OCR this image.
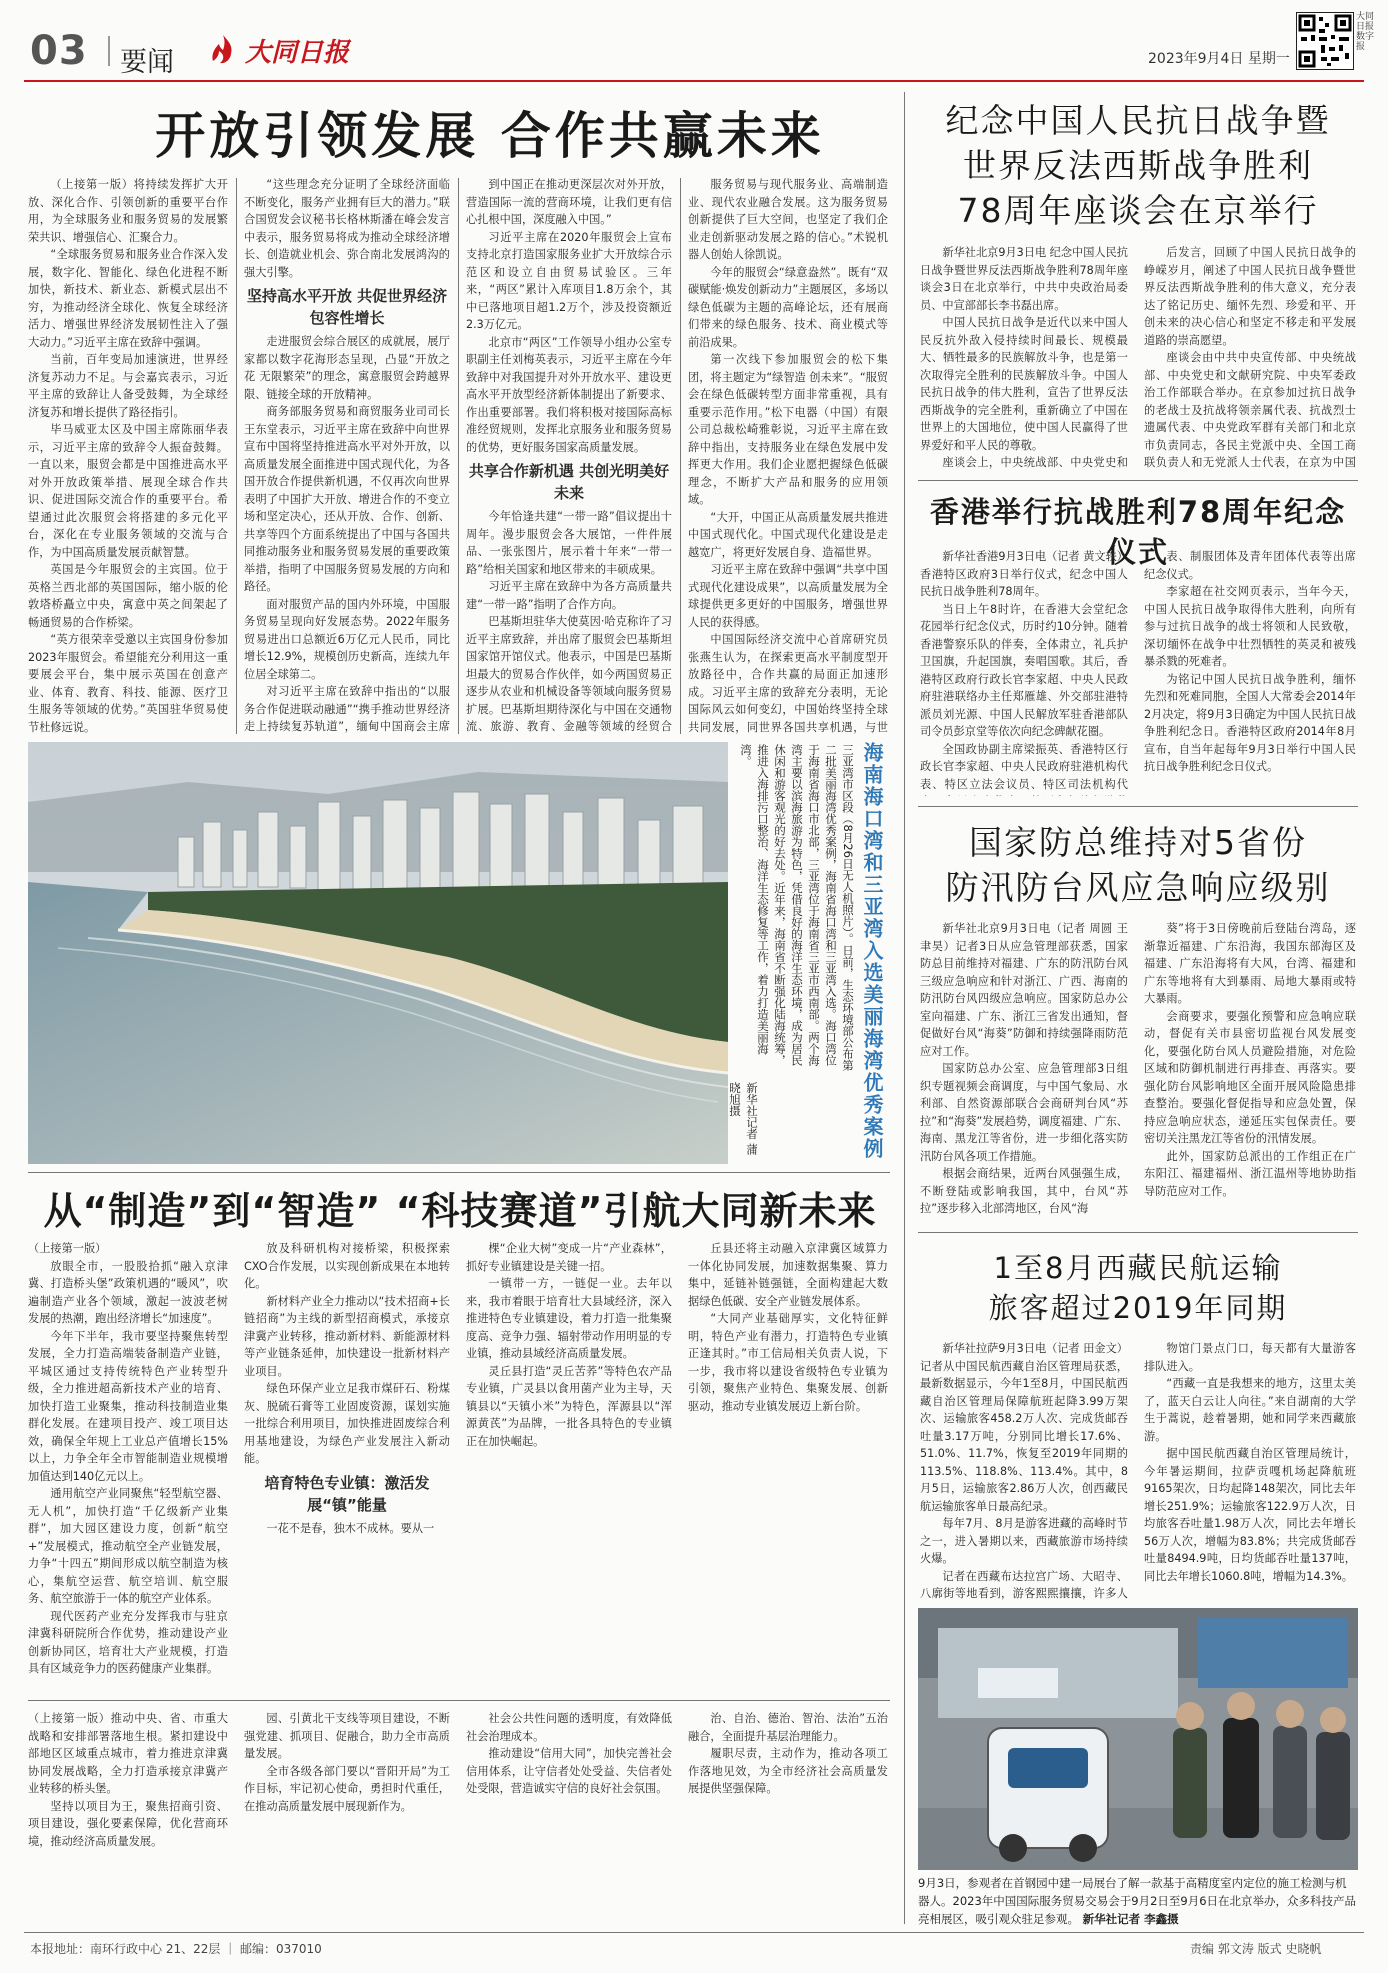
03 要闻	大同日报	2023年9月4日 星期一
大同日报数字报
开放引领发展 合作共赢未来

（上接第一版）将持续发挥扩大开放、深化合作、引领创新的重要平台作用，为全球服务业和服务贸易的发展繁荣共识、增强信心、汇聚合力。

“全球服务贸易和服务业合作深入发展，数字化、智能化、绿色化进程不断加快，新技术、新业态、新模式层出不穷，为推动经济全球化、恢复全球经济活力、增强世界经济发展韧性注入了强大动力。”习近平主席在致辞中强调。

当前，百年变局加速演进，世界经济复苏动力不足。与会嘉宾表示，习近平主席的致辞让人备受鼓舞，为全球经济复苏和增长提供了路径指引。

毕马威亚太区及中国主席陈丽华表示，习近平主席的致辞令人振奋鼓舞。一直以来，服贸会都是中国推进高水平对外开放政策举措、展现全球合作共识、促进国际交流合作的重要平台。希望通过此次服贸会将搭建的多元化平台，深化在专业服务领域的交流与合作，为中国高质量发展贡献智慧。

英国是今年服贸会的主宾国。位于英格兰西北部的英国国际，缩小版的伦敦塔桥矗立中央，寓意中英之间架起了畅通贸易的合作桥梁。

“英方很荣幸受邀以主宾国身份参加2023年服贸会。希望能充分利用这一重要展会平台，集中展示英国在创意产业、体育、教育、科技、能源、医疗卫生服务等领域的优势。”英国驻华贸易使节杜修远说。

“这些理念充分证明了全球经济面临不断变化，服务产业拥有巨大的潜力。”联合国贸发会议秘书长格林斯潘在峰会发言中表示，服务贸易将成为推动全球经济增长、创造就业机会、弥合南北发展鸿沟的强大引擎。

坚持高水平开放 共促世界经济包容性增长

走进服贸会综合展区的成就展，展厅家都以数字花海形态呈现，凸显“开放之花 无限繁荣”的理念，寓意服贸会跨越界限、链接全球的开放精神。

商务部服务贸易和商贸服务业司司长王东堂表示，习近平主席在致辞中向世界宣布中国将坚持推进高水平对外开放，以高质量发展全面推进中国式现代化，为各国开放合作提供新机遇，不仅再次向世界表明了中国扩大开放、增进合作的不变立场和坚定决心，还从开放、合作、创新、共享等四个方面系统提出了中国与各国共同推动服务业和服务贸易发展的重要政策举措，指明了中国服务贸易发展的方向和路径。

面对服贸产品的国内外环境，中国服务贸易呈现向好发展态势。2022年服务贸易进出口总额近6万亿元人民币，同比增长12.9%，规模创历史新高，连续九年位居全球第二。

对习近平主席在致辞中指出的“以服务合作促进联动融通”“携手推动世界经济走上持续复苏轨道”，缅甸中国商会主席

到中国正在推动更深层次对外开放，营造国际一流的营商环境，让我们更有信心扎根中国，深度融入中国。”

习近平主席在2020年服贸会上宣布支持北京打造国家服务业扩大开放综合示范区和设立自由贸易试验区。三年来，“两区”累计入库项目1.8万余个，其中已落地项目超1.2万个，涉及投资额近2.3万亿元。

北京市“两区”工作领导小组办公室专职副主任刘梅英表示，习近平主席在今年致辞中对我国提升对外开放水平、建设更高水平开放型经济新体制提出了新要求、作出重要部署。我们将积极对接国际高标准经贸规则，发挥北京服务业和服务贸易的优势，更好服务国家高质量发展。

共享合作新机遇 共创光明美好未来

今年恰逢共建“一带一路”倡议提出十周年。漫步服贸会各大展馆，一件件展品、一张张图片，展示着十年来“一带一路”给相关国家和地区带来的丰硕成果。

习近平主席在致辞中为各方高质量共建“一带一路”指明了合作方向。

巴基斯坦驻华大使莫因·哈克称许了习近平主席致辞，并出席了服贸会巴基斯坦国家馆开馆仪式。他表示，中国是巴基斯坦最大的贸易合作伙伴，如今两国贸易正逐步从农业和机械设备等领域向服务贸易扩展。巴基斯坦期待深化与中国在交通物流、旅游、教育、金融等领域的经贸合

服务贸易与现代服务业、高端制造业、现代农业融合发展。这为服务贸易创新提供了巨大空间，也坚定了我们企业走创新驱动发展之路的信心。”术锐机器人创始人徐凯说。

今年的服贸会“绿意盎然”。既有“双碳赋能·焕发创新动力”主题展区，多场以绿色低碳为主题的高峰论坛，还有展商们带来的绿色服务、技术、商业模式等前沿成果。

第一次线下参加服贸会的松下集团，将主题定为“绿智造 创未来”。“服贸会在绿色低碳转型方面非常重视，具有重要示范作用。”松下电器（中国）有限公司总裁松崎雅彰说，习近平主席在致辞中指出，支持服务业在绿色发展中发挥更大作用。我们企业愿把握绿色低碳理念，不断扩大产品和服务的应用领域。

“大开，中国正从高质量发展共推进中国式现代化。中国式现代化建设是走越宽广，将更好发展自身、造福世界。

习近平主席在致辞中强调“共享中国式现代化建设成果”，以高质量发展为全球提供更多更好的中国服务，增强世界人民的获得感。

中国国际经济交流中心首席研究员张燕生认为，在探索更高水平制度型开放路径中，合作共赢的局面正加速形成。习近平主席的致辞充分表明，无论国际风云如何变幻，中国始终坚持全球共同发展，同世界各国共享机遇，与世

海南海口湾和三亚湾入选美丽海湾优秀案例
三亚湾市区段（8月26日无人机照片）。日前，生态环境部公布第二批美丽海湾优秀案例，海南省海口湾和三亚湾入选。海口湾位于海南省海口市北部，三亚湾位于海南省三亚市西南部。两个海湾主要以滨海旅游为特色，凭借良好的海洋生态环境，成为居民休闲和游客观光的好去处。近年来，海南省不断强化陆海统筹，推进入海排污口整治、海洋生态修复等工作，着力打造美丽海湾。
新华社记者 蒲晓旭摄
从“制造”到“智造” “科技赛道”引航大同新未来

（上接第一版）

放眼全市，一股股拾抓“融入京津冀、打造桥头堡”政策机遇的“暖风”，吹遍制造产业各个领域，激起一波波老树发展的热潮，跑出经济增长“加速度”。

今年下半年，我市要坚持聚焦转型发展，全力打造高端装备制造产业链，平城区通过支持传统特色产业转型升级，全力推进超高新技术产业的培育、加快打造工业聚集，推动科技制造业集群化发展。在建项目投产、竣工项目达效，确保全年规上工业总产值增长15%以上，力争全年全市智能制造业规模增加值达到140亿元以上。

通用航空产业同聚焦“轻型航空器、无人机”，加快打造“千亿级新产业集群”，加大园区建设力度，创新“航空+”发展模式，推动航空全产业链发展，力争“十四五”期间形成以航空制造为核心，集航空运营、航空培训、航空服务、航空旅游于一体的航空产业体系。

现代医药产业充分发挥我市与驻京津冀科研院所合作优势，推动建设产业创新协同区，培育壮大产业规模，打造具有区域竞争力的医药健康产业集群。

放及科研机构对接桥梁，积极探索CXO合作发展，以实现创新成果在本地转化。

新材料产业全力推动以“技术招商+长链招商”为主线的新型招商模式，承接京津冀产业转移，推动新材料、新能源材料等产业链条延伸，加快建设一批新材料产业项目。

绿色环保产业立足我市煤矸石、粉煤灰、脱硫石膏等工业固废资源，谋划实施一批综合利用项目，加快推进固废综合利用基地建设，为绿色产业发展注入新动能。

培育特色专业镇：激活发展“镇”能量

一花不是春，独木不成林。要从一

棵“企业大树”变成一片“产业森林”，抓好专业镇建设是关键一招。

一镇带一方，一链促一业。去年以来，我市着眼于培育壮大县域经济，深入推进特色专业镇建设，着力打造一批集聚度高、竞争力强、辐射带动作用明显的专业镇，推动县域经济高质量发展。

灵丘县打造“灵丘苦荞”等特色农产品专业镇，广灵县以食用菌产业为主导，天镇县以“天镇小米”为特色，浑源县以“浑源黄芪”为品牌，一批各具特色的专业镇正在加快崛起。

丘县还将主动融入京津冀区域算力一体化协同发展，加速数据集聚、算力集中，延链补链强链，全面构建起大数据绿色低碳、安全产业链发展体系。

“大同产业基础厚实，文化特征鲜明，特色产业有潜力，打造特色专业镇正逢其时。”市工信局相关负责人说，下一步，我市将以建设省级特色专业镇为引领，聚焦产业特色、集聚发展、创新驱动，推动专业镇发展迈上新台阶。

（上接第一版）推动中央、省、市重大战略和安排部署落地生根。紧扣建设中部地区区域重点城市，着力推进京津冀协同发展战略，全力打造承接京津冀产业转移的桥头堡。

坚持以项目为王，聚焦招商引资、项目建设，强化要素保障，优化营商环境，推动经济高质量发展。

园、引黄北干支线等项目建设，不断强党建、抓项目、促融合，助力全市高质量发展。

全市各级各部门要以“晋阳开局”为工作目标，牢记初心使命，勇担时代重任，在推动高质量发展中展现新作为。

社会公共性问题的透明度，有效降低社会治理成本。

推动建设“信用大同”，加快完善社会信用体系，让守信者处处受益、失信者处处受限，营造诚实守信的良好社会氛围。

治、自治、德治、智治、法治”五治融合，全面提升基层治理能力。

履职尽责，主动作为，推动各项工作落地见效，为全市经济社会高质量发展提供坚强保障。

纪念中国人民抗日战争暨
世界反法西斯战争胜利
78周年座谈会在京举行

新华社北京9月3日电 纪念中国人民抗日战争暨世界反法西斯战争胜利78周年座谈会3日在北京举行，中共中央政治局委员、中宣部部长李书磊出席。

中国人民抗日战争是近代以来中国人民反抗外敌入侵持续时间最长、规模最大、牺牲最多的民族解放斗争，也是第一次取得完全胜利的民族解放斗争。中国人民抗日战争的伟大胜利，宣告了世界反法西斯战争的完全胜利，重新确立了中国在世界上的大国地位，使中国人民赢得了世界爱好和平人民的尊敬。

座谈会上，中央统战部、中央党史和

后发言，回顾了中国人民抗日战争的峥嵘岁月，阐述了中国人民抗日战争暨世界反法西斯战争胜利的伟大意义，充分表达了铭记历史、缅怀先烈、珍爱和平、开创未来的决心信心和坚定不移走和平发展道路的崇高愿望。

座谈会由中共中央宣传部、中央统战部、中央党史和文献研究院、中央军委政治工作部联合举办。在京参加过抗日战争的老战士及抗战将领亲属代表、抗战烈士遗属代表、中央党政军群有关部门和北京市负责同志，各民主党派中央、全国工商联负责人和无党派人士代表，在京为中国

香港举行抗战胜利78周年纪念仪式

新华社香港9月3日电（记者 黄文轶）香港特区政府3日举行仪式，纪念中国人民抗日战争胜利78周年。

当日上午8时许，在香港大会堂纪念花园举行纪念仪式，历时约10分钟。随着香港警察乐队的伴奏，全体肃立，礼兵护卫国旗，升起国旗，奏唱国歌。其后，香港特区政府行政长官李家超、中央人民政府驻港联络办主任郑雁雄、外交部驻港特派员刘光源、中国人民解放军驻香港部队司令员彭京堂等依次向纪念碑献花圈。

全国政协副主席梁振英、香港特区行政长官李家超、中央人民政府驻港机构代表、特区立法会议员、特区司法机构代

表、制服团体及青年团体代表等出席纪念仪式。

李家超在社交网页表示，当年今天，中国人民抗日战争取得伟大胜利，向所有参与过抗日战争的战士将领和人民致敬，深切缅怀在战争中壮烈牺牲的英灵和被残暴杀戮的死难者。

为铭记中国人民抗日战争胜利，缅怀先烈和死难同胞，全国人大常委会2014年2月决定，将9月3日确定为中国人民抗日战争胜利纪念日。香港特区政府2014年8月宣布，自当年起每年9月3日举行中国人民抗日战争胜利纪念日仪式。

国家防总维持对5省份
防汛防台风应急响应级别

新华社北京9月3日电（记者 周圆 王聿昊）记者3日从应急管理部获悉，国家防总目前维持对福建、广东的防汛防台风三级应急响应和针对浙江、广西、海南的防汛防台风四级应急响应。国家防总办公室向福建、广东、浙江三省发出通知，督促做好台风“海葵”防御和持续强降雨防范应对工作。

国家防总办公室、应急管理部3日组织专题视频会商调度，与中国气象局、水利部、自然资源部联合会商研判台风“苏拉”和“海葵”发展趋势，调度福建、广东、海南、黑龙江等省份，进一步细化落实防汛防台风各项工作措施。

根据会商结果，近两台风强强生成，不断登陆或影响我国，其中，台风“苏拉”逐步移入北部湾地区，台风“海

葵”将于3日傍晚前后登陆台湾岛，逐渐靠近福建、广东沿海，我国东部海区及福建、广东沿海将有大风，台湾、福建和广东等地将有大到暴雨、局地大暴雨或特大暴雨。

会商要求，要强化预警和应急响应联动，督促有关市县密切监视台风发展变化，要强化防台风人员避险措施，对危险区域和防御机制进行再排查、再落实。要强化防台风影响地区全面开展风险隐患排查整治。要强化督促指导和应急处置，保持应急响应状态，递延压实包保责任。要密切关注黑龙江等省份的汛情发展。

此外，国家防总派出的工作组正在广东阳江、福建福州、浙江温州等地协助指导防范应对工作。

1至8月西藏民航运输
旅客超过2019年同期

新华社拉萨9月3日电（记者 田金文）记者从中国民航西藏自治区管理局获悉，最新数据显示，今年1至8月，中国民航西藏自治区管理局保障航班起降3.99万架次、运输旅客458.2万人次、完成货邮吞吐量3.17万吨，分别同比增长17.6%、51.0%、11.7%，恢复至2019年同期的113.5%、118.8%、113.4%。其中，8月5日，运输旅客2.86万人次，创西藏民航运输旅客单日最高纪录。

每年7月、8月是游客进藏的高峰时节之一，进入暑期以来，西藏旅游市场持续火爆。

记者在西藏布达拉宫广场、大昭寺、八廓街等地看到，游客熙熙攘攘，许多人

物馆门景点门口，每天都有大量游客排队进入。

“西藏一直是我想来的地方，这里太美了，蓝天白云让人向往。”来自湖南的大学生于蒿说，趁着暑期，她和同学来西藏旅游。

据中国民航西藏自治区管理局统计，今年暑运期间，拉萨贡嘎机场起降航班9165架次，日均起降148架次，同比去年增长251.9%；运输旅客122.9万人次，日均旅客吞吐量1.98万人次，同比去年增长56万人次，增幅为83.8%；共完成货邮吞吐量8494.9吨，日均货邮吞吐量137吨，同比去年增长1060.8吨，增幅为14.3%。

9月3日，参观者在首钢园中建一局展台了解一款基于高精度室内定位的施工检测与机器人。2023年中国国际服务贸易交易会于9月2日至9月6日在北京举办，众多科技产品亮相展区，吸引观众驻足参观。 新华社记者 李鑫摄
本报地址：南环行政中心 21、22层 ｜ 邮编：037010	责编 郭文涛 版式 史晓帆
